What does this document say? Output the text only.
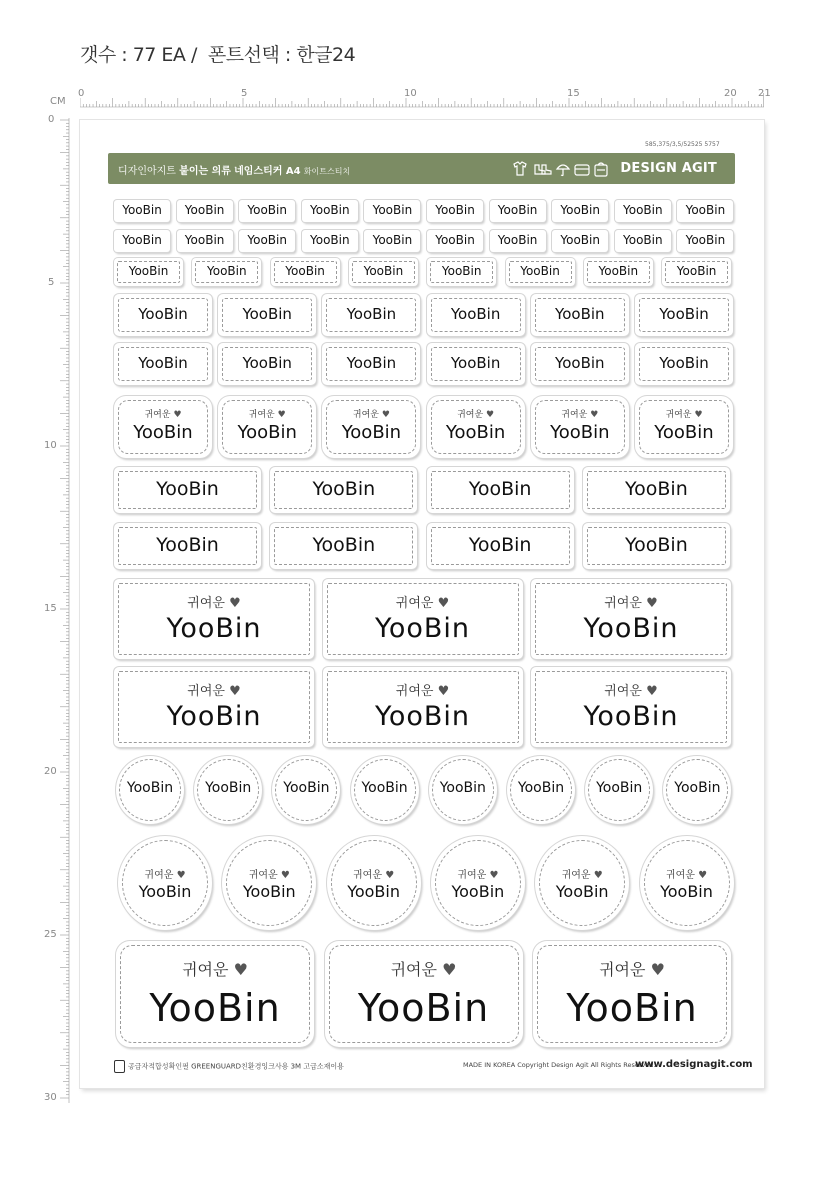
갯수 : 77 EA /  폰트선택 : 한글24
CM
0	5	10	15	20 21
0
5
10
15
20
25
30
585,375/3,5/52525 5757
디자인아지트 붙이는 의류 네임스티커 A4 화이트스티치	DESIGN AGIT
YooBin	YooBin	YooBin	YooBin	YooBin	YooBin	YooBin	YooBin	YooBin	YooBin
YooBin	YooBin	YooBin	YooBin	YooBin	YooBin	YooBin	YooBin	YooBin	YooBin
YooBin	YooBin	YooBin	YooBin	YooBin	YooBin	YooBin	YooBin
YooBin	YooBin	YooBin	YooBin	YooBin	YooBin
YooBin	YooBin	YooBin	YooBin	YooBin	YooBin
귀여운 ♥
YooBin
귀여운 ♥
YooBin
귀여운 ♥
YooBin
귀여운 ♥
YooBin
귀여운 ♥
YooBin
귀여운 ♥
YooBin
YooBin	YooBin	YooBin	YooBin
YooBin	YooBin	YooBin	YooBin
귀여운 ♥
YooBin
귀여운 ♥
YooBin
귀여운 ♥
YooBin
귀여운 ♥
YooBin
귀여운 ♥
YooBin
귀여운 ♥
YooBin
YooBin	YooBin	YooBin	YooBin	YooBin	YooBin	YooBin	YooBin
귀여운 ♥
YooBin
귀여운 ♥
YooBin
귀여운 ♥
YooBin
귀여운 ♥
YooBin
귀여운 ♥
YooBin
귀여운 ♥
YooBin
귀여운 ♥
YooBin
귀여운 ♥
YooBin
귀여운 ♥
YooBin
공급자적합성확인필 GREENGUARD친환경잉크사용 3M 고급소재이용	MADE IN KOREA Copyright Design Agit All Rights Reserved.
www.designagit.com
